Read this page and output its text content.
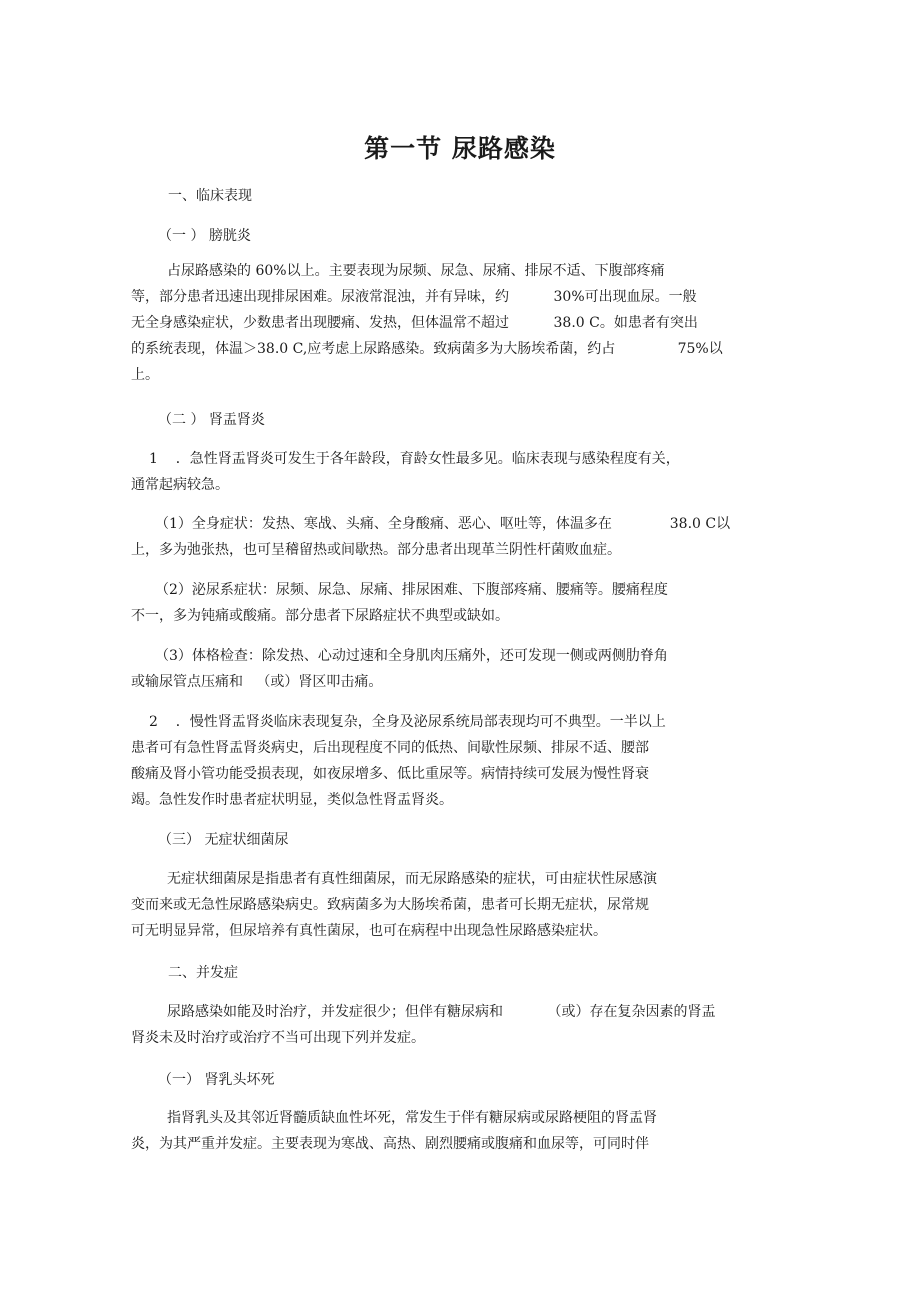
第一节 尿路感染
一、临床表现
（一 ） 膀胱炎
占尿路感染的 60%以上。主要表现为尿频、尿急、尿痛、排尿不适、下腹部疼痛
等，部分患者迅速出现排尿困难。尿液常混浊，并有异味，约          30%可出现血尿。一般
无全身感染症状，少数患者出现腰痛、发热，但体温常不超过          38.0 C。如患者有突出
的系统表现，体温＞38.0 C,应考虑上尿路感染。致病菌多为大肠埃希菌，约占              75%以
上。
（二 ） 肾盂肾炎
1    ．急性肾盂肾炎可发生于各年龄段，育龄女性最多见。临床表现与感染程度有关，
通常起病较急。
（1）全身症状：发热、寒战、头痛、全身酸痛、恶心、呕吐等，体温多在             38.0 C以
上，多为弛张热，也可呈稽留热或间歇热。部分患者出现革兰阴性杆菌败血症。
（2）泌尿系症状：尿频、尿急、尿痛、排尿困难、下腹部疼痛、腰痛等。腰痛程度
不一，多为钝痛或酸痛。部分患者下尿路症状不典型或缺如。
（3）体格检查：除发热、心动过速和全身肌肉压痛外，还可发现一侧或两侧肋脊角
或输尿管点压痛和   （或）肾区叩击痛。
2    ．慢性肾盂肾炎临床表现复杂，全身及泌尿系统局部表现均可不典型。一半以上
患者可有急性肾盂肾炎病史，后出现程度不同的低热、间歇性尿频、排尿不适、腰部
酸痛及肾小管功能受损表现，如夜尿增多、低比重尿等。病情持续可发展为慢性肾衰
竭。急性发作时患者症状明显，类似急性肾盂肾炎。
（三） 无症状细菌尿
无症状细菌尿是指患者有真性细菌尿，而无尿路感染的症状，可由症状性尿感演
变而来或无急性尿路感染病史。致病菌多为大肠埃希菌，患者可长期无症状，尿常规
可无明显异常，但尿培养有真性菌尿，也可在病程中出现急性尿路感染症状。
二、并发症
尿路感染如能及时治疗，并发症很少；但伴有糖尿病和          （或）存在复杂因素的肾盂
肾炎未及时治疗或治疗不当可出现下列并发症。
（一） 肾乳头坏死
指肾乳头及其邻近肾髓质缺血性坏死，常发生于伴有糖尿病或尿路梗阻的肾盂肾
炎，为其严重并发症。主要表现为寒战、高热、剧烈腰痛或腹痛和血尿等，可同时伴
